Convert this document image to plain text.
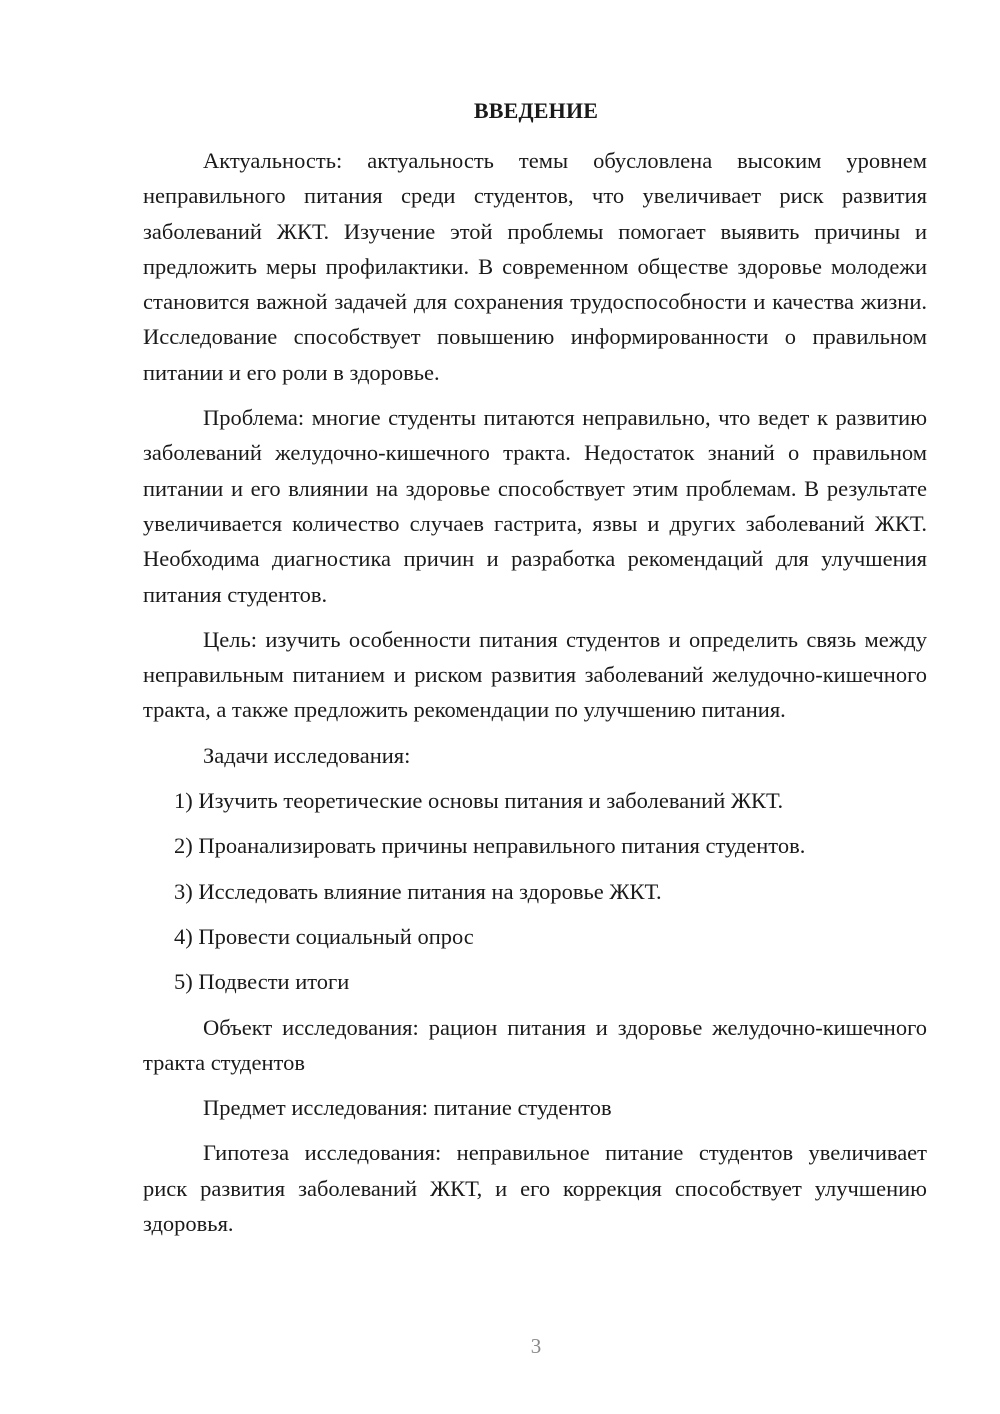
ВВЕДЕНИЕ

Актуальность: актуальность темы обусловлена высоким уровнем неправильного питания среди студентов, что увеличивает риск развития заболеваний ЖКТ. Изучение этой проблемы помогает выявить причины и предложить меры профилактики. В современном обществе здоровье молодежи становится важной задачей для сохранения трудоспособности и качества жизни. Исследование способствует повышению информированности о правильном питании и его роли в здоровье.

Проблема: многие студенты питаются неправильно, что ведет к развитию заболеваний желудочно-кишечного тракта. Недостаток знаний о правильном питании и его влиянии на здоровье способствует этим проблемам. В результате увеличивается количество случаев гастрита, язвы и других заболеваний ЖКТ. Необходима диагностика причин и разработка рекомендаций для улучшения питания студентов.

Цель: изучить особенности питания студентов и определить связь между неправильным питанием и риском развития заболеваний желудочно-кишечного тракта, а также предложить рекомендации по улучшению питания.

Задачи исследования:

1) Изучить теоретические основы питания и заболеваний ЖКТ.
2) Проанализировать причины неправильного питания студентов.
3) Исследовать влияние питания на здоровье ЖКТ.
4) Провести социальный опрос
5) Подвести итоги

Объект исследования: рацион питания и здоровье желудочно-кишечного тракта студентов

Предмет исследования: питание студентов

Гипотеза исследования: неправильное питание студентов увеличивает риск развития заболеваний ЖКТ, и его коррекция способствует улучшению здоровья.

3
